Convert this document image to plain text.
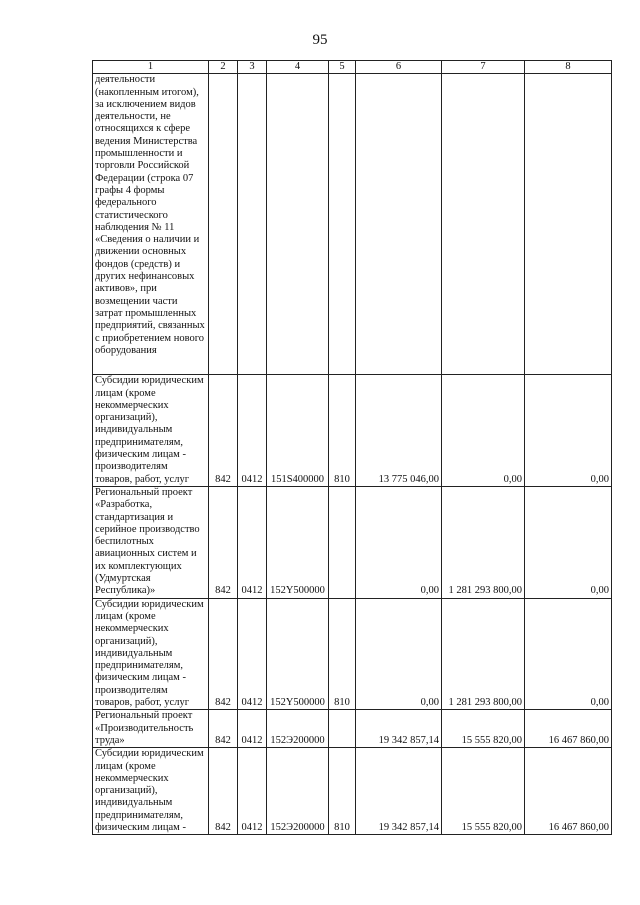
95
1	2	3	4	5	6	7	8
деятельности (накопленным итогом), за исключением видов деятельности, не относящихся к сфере ведения Министерства промышленности и торговли Российской Федерации (строка 07 графы 4 формы федерального статистического наблюдения № 11 «Сведения о наличии и движении основных фондов (средств) и других нефинансовых активов», при возмещении части затрат промышленных предприятий, связанных с приобретением нового оборудования							
Субсидии юридическим лицам (кроме некоммерческих организаций), индивидуальным предпринимателям, физическим лицам - производителям товаров, работ, услуг	842	0412	151S400000	810	13 775 046,00	0,00	0,00
Региональный проект «Разработка, стандартизация и серийное производство беспилотных авиационных систем и их комплектующих (Удмуртская Республика)»	842	0412	152Y500000		0,00	1 281 293 800,00	0,00
Субсидии юридическим лицам (кроме некоммерческих организаций), индивидуальным предпринимателям, физическим лицам - производителям товаров, работ, услуг	842	0412	152Y500000	810	0,00	1 281 293 800,00	0,00
Региональный проект «Производительность труда»	842	0412	152Э200000		19 342 857,14	15 555 820,00	16 467 860,00
Субсидии юридическим лицам (кроме некоммерческих организаций), индивидуальным предпринимателям, физическим лицам -	842	0412	152Э200000	810	19 342 857,14	15 555 820,00	16 467 860,00
